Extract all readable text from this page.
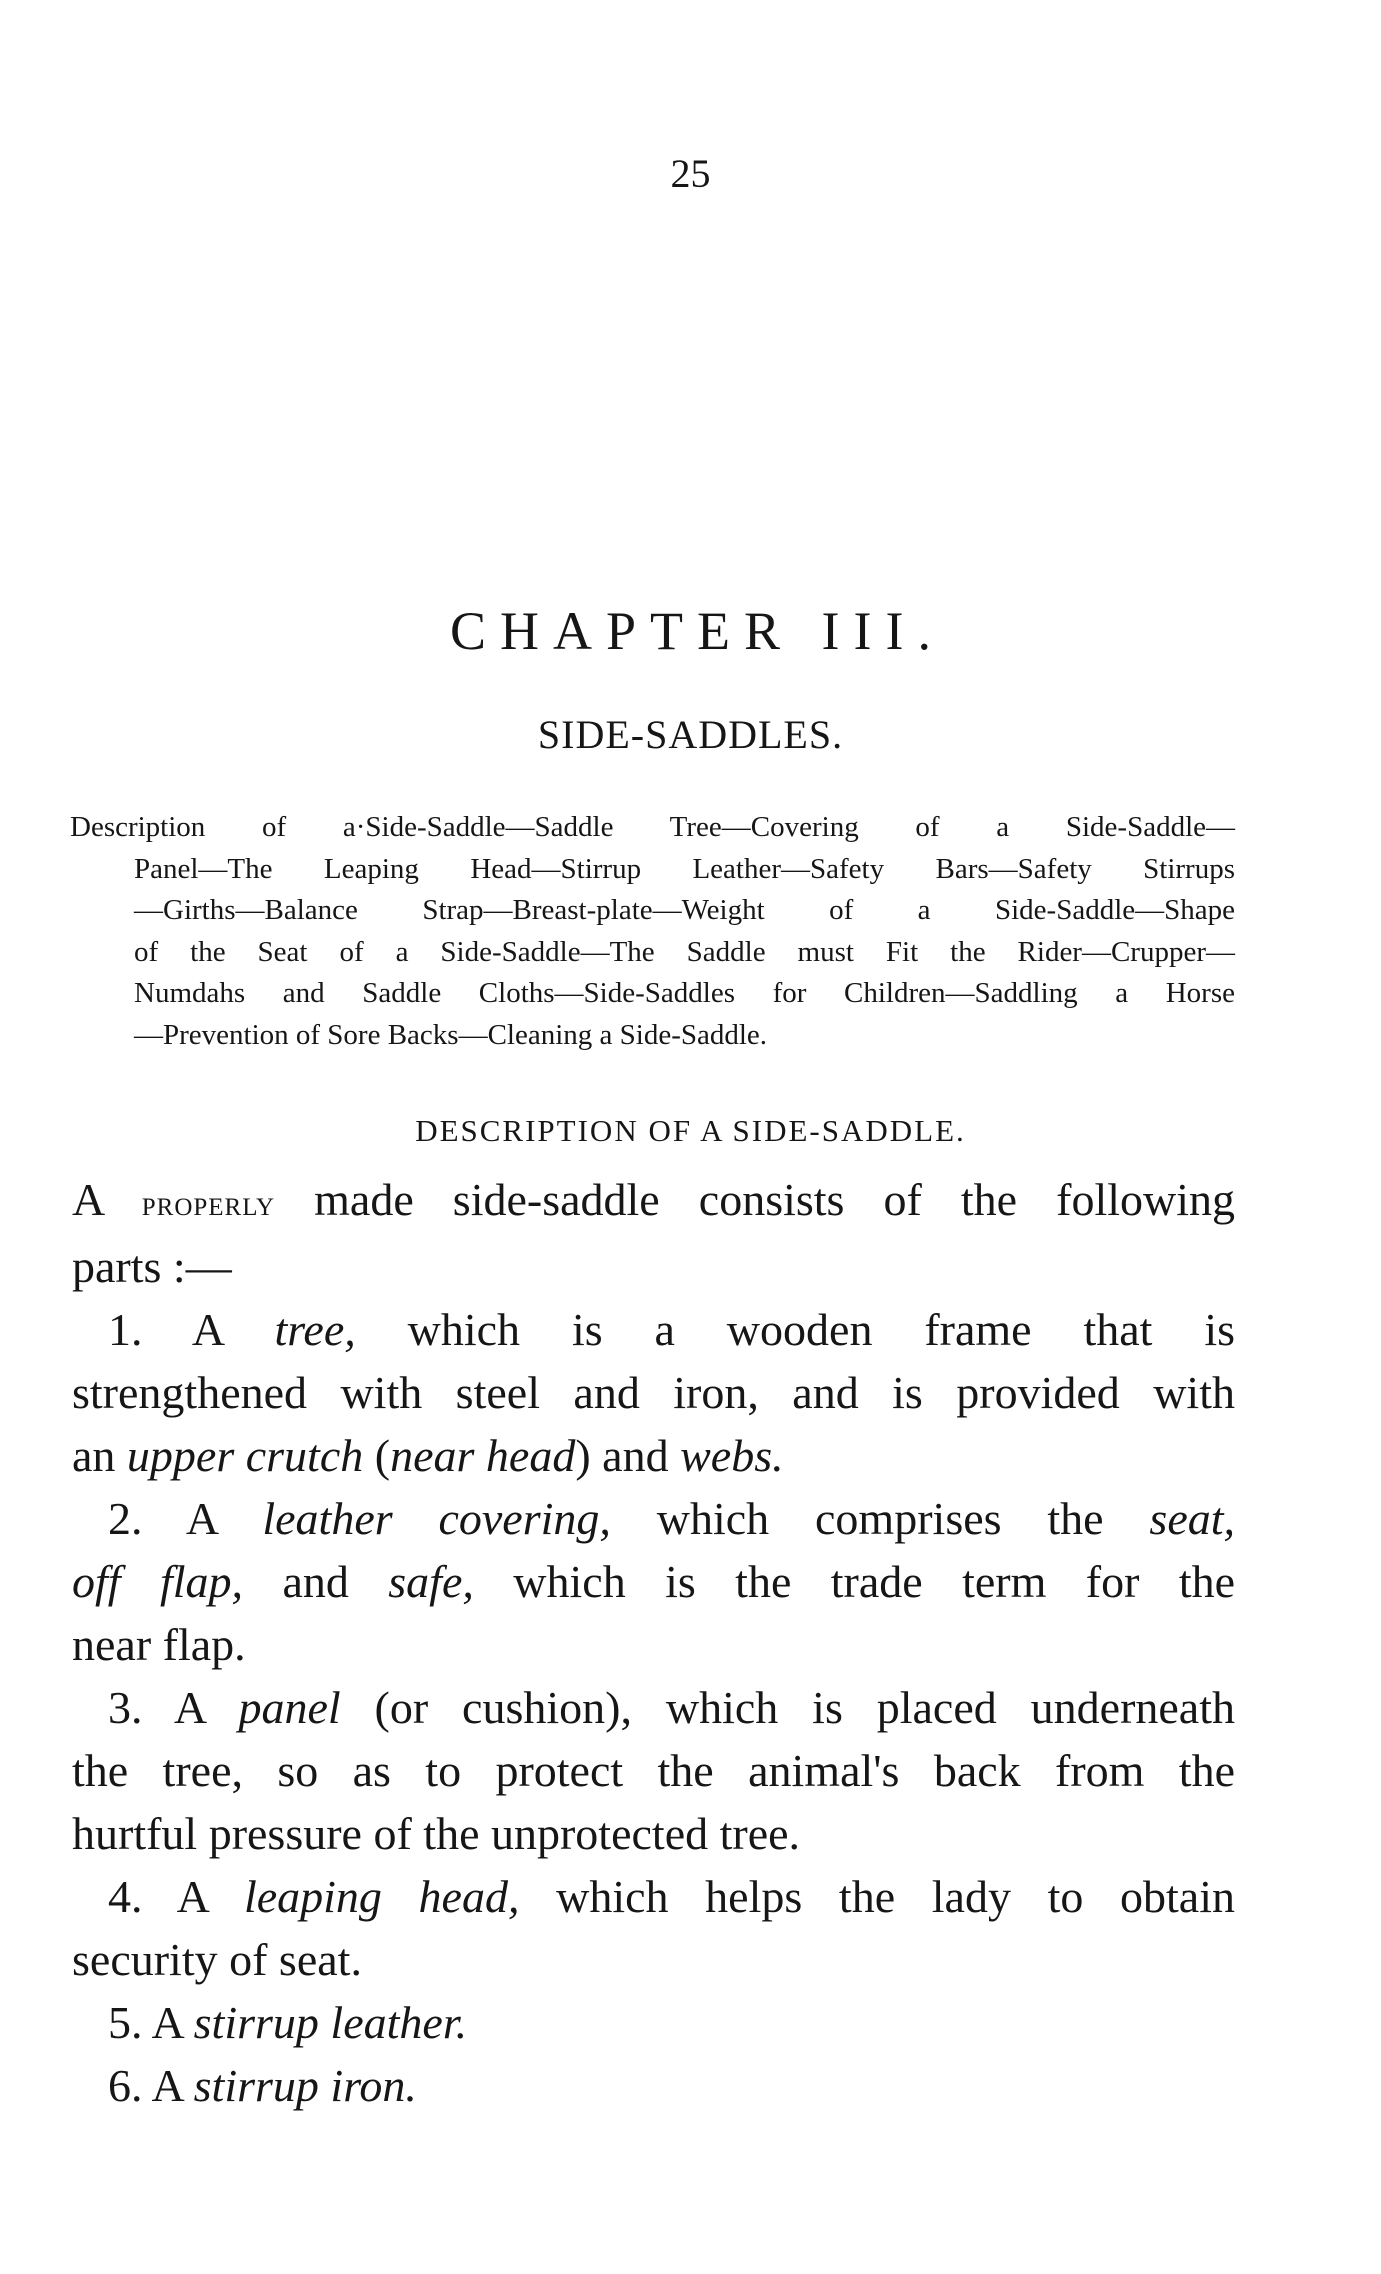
25
CHAPTER III.
SIDE-SADDLES.
Description of a·Side-Saddle—Saddle Tree—Covering of a Side-Saddle—
Panel—The Leaping Head—Stirrup Leather—Safety Bars—Safety Stirrups
—Girths—Balance Strap—Breast-plate—Weight of a Side-Saddle—Shape
of the Seat of a Side-Saddle—The Saddle must Fit the Rider—Crupper—
Numdahs and Saddle Cloths—Side-Saddles for Children—Saddling a Horse
—Prevention of Sore Backs—Cleaning a Side-Saddle.
DESCRIPTION OF A SIDE-SADDLE.

A properly made side-saddle consists of the following
parts :—

1. A tree, which is a wooden frame that is
strengthened with steel and iron, and is provided with
an upper crutch (near head) and webs.

2. A leather covering, which comprises the seat,
off flap, and safe, which is the trade term for the
near flap.

3. A panel (or cushion), which is placed underneath
the tree, so as to protect the animal's back from the
hurtful pressure of the unprotected tree.

4. A leaping head, which helps the lady to obtain
security of seat.

5. A stirrup leather.

6. A stirrup iron.
